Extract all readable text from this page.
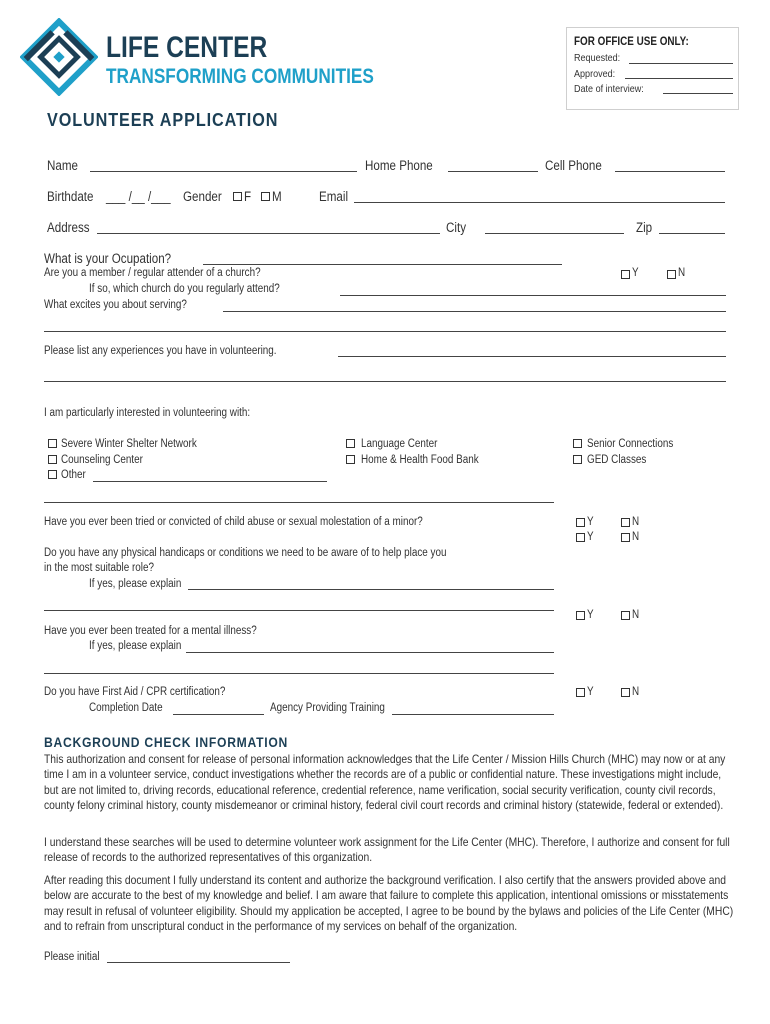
LIFE CENTER
TRANSFORMING COMMUNITIES
FOR OFFICE USE ONLY:
Requested:
Approved:
Date of interview:
VOLUNTEER APPLICATION
Name	Home Phone	Cell Phone
Birthdate ___ /__ /___ Gender F M	Email
Address	City	Zip
What is your Ocupation?
Are you a member / regular attender of a church?	Y	N
If so, which church do you regularly attend?
What excites you about serving?
Please list any experiences you have in volunteering.
I am particularly interested in volunteering with:
Severe Winter Shelter Network
Counseling Center
Other
Language Center
Home & Health Food Bank
Senior Connections
GED Classes
Have you ever been tried or convicted of child abuse or sexual molestation of a minor?	Y	N
Y	N
Do you have any physical handicaps or conditions we need to be aware of to help place you
in the most suitable role?
If yes, please explain
Y	N
Have you ever been treated for a mental illness?
If yes, please explain
Do you have First Aid / CPR certification?	Y	N
Completion Date	Agency Providing Training
BACKGROUND CHECK INFORMATION
This authorization and consent for release of personal information acknowledges that the Life Center / Mission Hills Church (MHC) may now or at any time I am in a volunteer service, conduct investigations whether the records are of a public or confidential nature. These investigations might include, but are not limited to, driving records, educational reference, credential reference, name verification, social security verification, county civil records, county felony criminal history, county misdemeanor or criminal history, federal civil court records and criminal history (statewide, federal or extended).
I understand these searches will be used to determine volunteer work assignment for the Life Center (MHC). Therefore, I authorize and consent for full release of records to the authorized representatives of this organization.
After reading this document I fully understand its content and authorize the background verification. I also certify that the answers provided above and below are accurate to the best of my knowledge and belief. I am aware that failure to complete this application, intentional omissions or misstatements may result in refusal of volunteer eligibility. Should my application be accepted, I agree to be bound by the bylaws and policies of the Life Center (MHC) and to refrain from unscriptural conduct in the performance of my services on behalf of the organization.
Please initial
